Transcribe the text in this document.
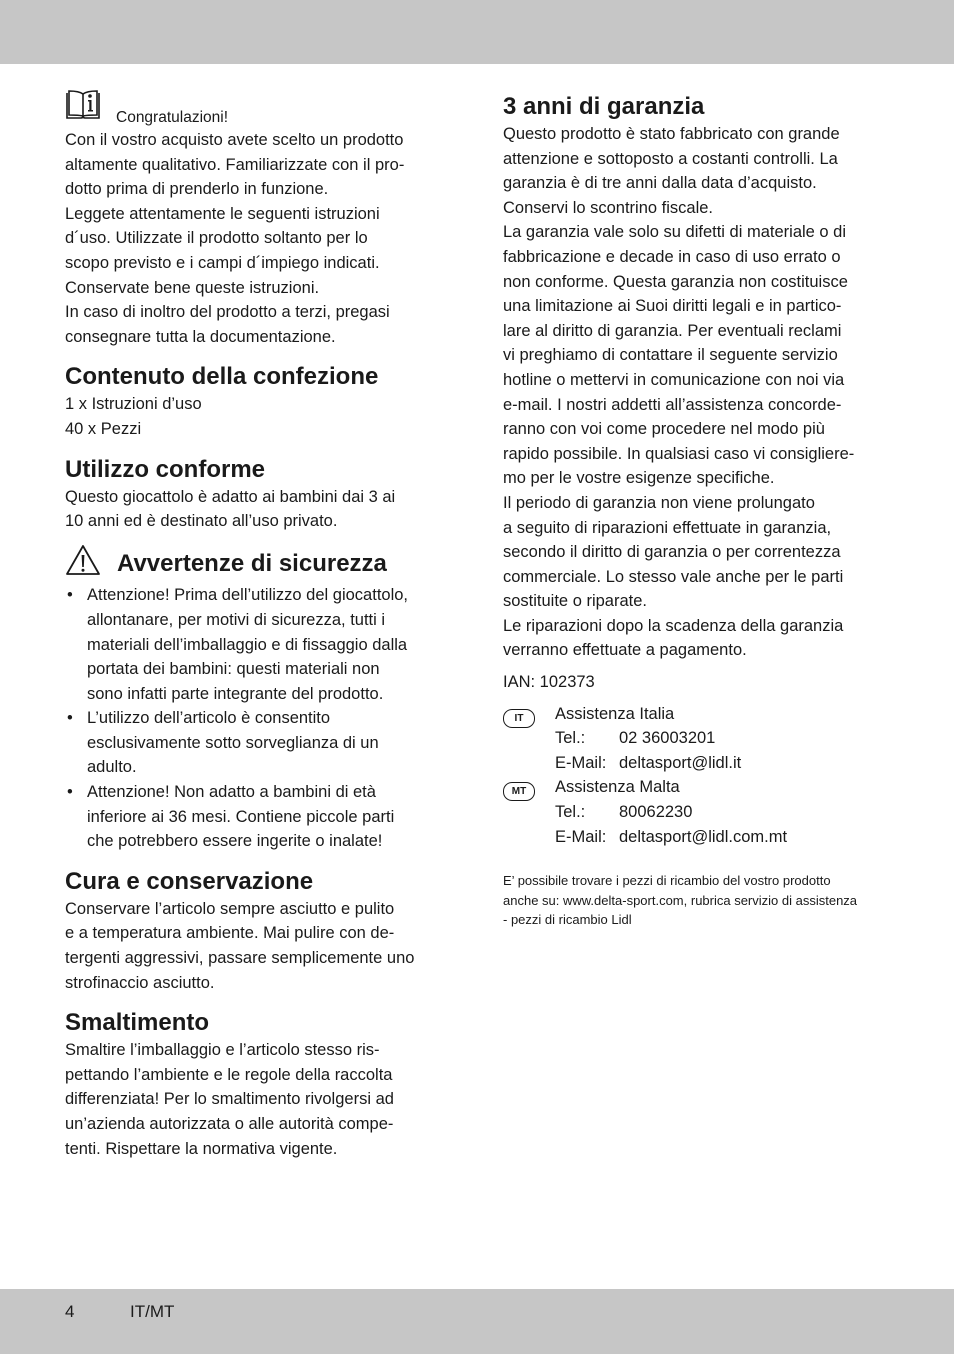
Congratulazioni!

Con il vostro acquisto avete scelto un prodotto

altamente qualitativo. Familiarizzate con il pro-

dotto prima di prenderlo in funzione.

Leggete attentamente le seguenti istruzioni

d´uso. Utilizzate il prodotto soltanto per lo

scopo previsto e i campi d´impiego indicati.

Conservate bene queste istruzioni.

In caso di inoltro del prodotto a terzi, pregasi

consegnare tutta la documentazione.

Contenuto della confezione

1 x Istruzioni d’uso

40 x Pezzi

Utilizzo conforme

Questo giocattolo è adatto ai bambini dai 3 ai

10 anni ed è destinato all’uso privato.

Avvertenze di sicurezza

• Attenzione! Prima dell’utilizzo del giocattolo,

allontanare, per motivi di sicurezza, tutti i

materiali dell’imballaggio e di fissaggio dalla

portata dei bambini: questi materiali non

sono infatti parte integrante del prodotto.

• L’utilizzo dell’articolo è consentito

esclusivamente sotto sorveglianza di un

adulto.

• Attenzione! Non adatto a bambini di età

inferiore ai 36 mesi. Contiene piccole parti

che potrebbero essere ingerite o inalate!

Cura e conservazione

Conservare l’articolo sempre asciutto e pulito

e a temperatura ambiente. Mai pulire con de-

tergenti aggressivi, passare semplicemente uno

strofinaccio asciutto.

Smaltimento

Smaltire l’imballaggio e l’articolo stesso ris-

pettando l’ambiente e le regole della raccolta

differenziata! Per lo smaltimento rivolgersi ad

un’azienda autorizzata o alle autorità compe-

tenti. Rispettare la normativa vigente.

3 anni di garanzia

Questo prodotto è stato fabbricato con grande

attenzione e sottoposto a costanti controlli. La

garanzia è di tre anni dalla data d’acquisto.

Conservi lo scontrino fiscale.

La garanzia vale solo su difetti di materiale o di

fabbricazione e decade in caso di uso errato o

non conforme. Questa garanzia non costituisce

una limitazione ai Suoi diritti legali e in partico-

lare al diritto di garanzia. Per eventuali reclami

vi preghiamo di contattare il seguente servizio

hotline o mettervi in comunicazione con noi via

e-mail. I nostri addetti all’assistenza concorde-

ranno con voi come procedere nel modo più

rapido possibile. In qualsiasi caso vi consigliere-

mo per le vostre esigenze specifiche.

Il periodo di garanzia non viene prolungato

a seguito di riparazioni effettuate in garanzia,

secondo il diritto di garanzia o per correntezza

commerciale. Lo stesso vale anche per le parti

sostituite o riparate.

Le riparazioni dopo la scadenza della garanzia

verranno effettuate a pagamento.

IAN: 102373

IT	Assistenza Italia

Tel.:	02 36003201
E-Mail: deltasport@lidl.it
MT	Assistenza Malta

Tel.:	80062230
E-Mail: deltasport@lidl.com.mt

E’ possibile trovare i pezzi di ricambio del vostro prodotto

anche su: www.delta-sport.com, rubrica servizio di assistenza

- pezzi di ricambio Lidl

4	IT/MT
